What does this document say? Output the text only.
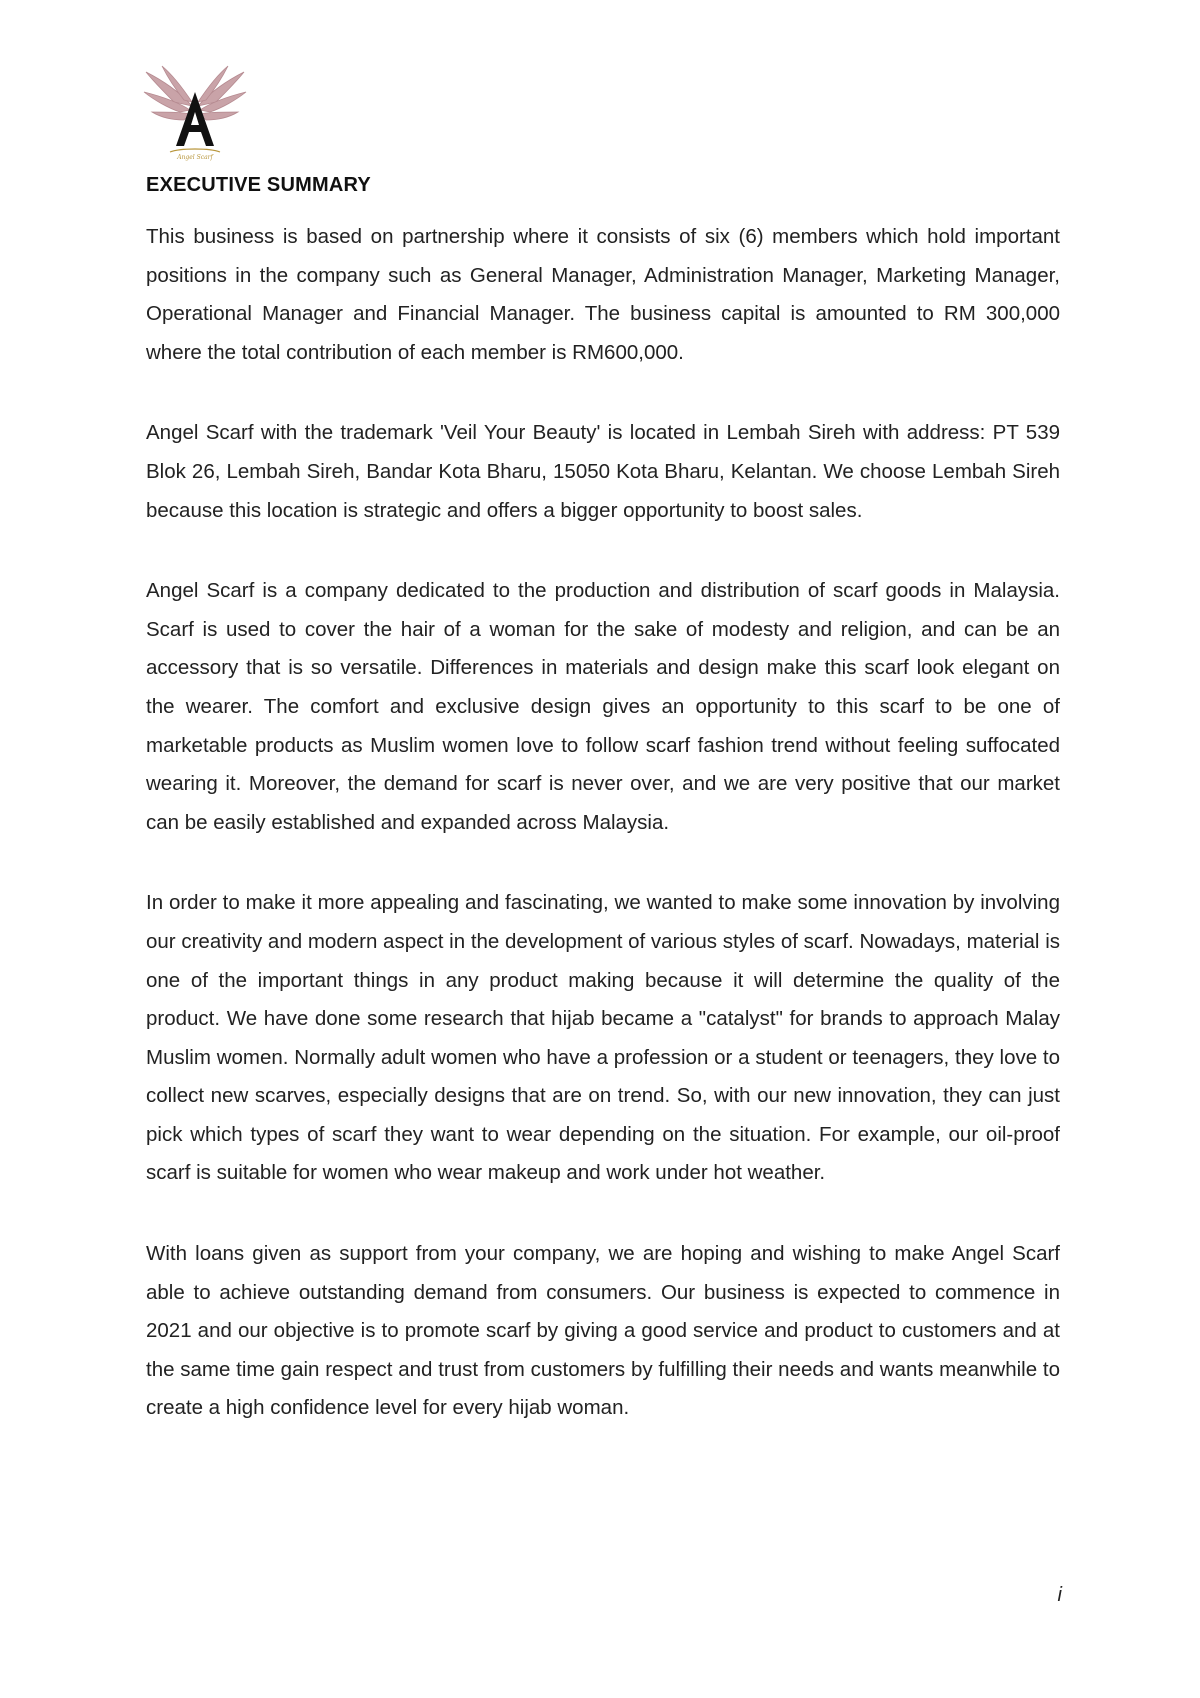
Angel Scarf
EXECUTIVE SUMMARY

This business is based on partnership where it consists of six (6) members which hold important positions in the company such as General Manager, Administration Manager, Marketing Manager, Operational Manager and Financial Manager. The business capital is amounted to RM 300,000 where the total contribution of each member is RM600,000.

Angel Scarf with the trademark 'Veil Your Beauty' is located in Lembah Sireh with address: PT 539 Blok 26, Lembah Sireh, Bandar Kota Bharu, 15050 Kota Bharu, Kelantan. We choose Lembah Sireh because this location is strategic and offers a bigger opportunity to boost sales.

Angel Scarf is a company dedicated to the production and distribution of scarf goods in Malaysia. Scarf is used to cover the hair of a woman for the sake of modesty and religion, and can be an accessory that is so versatile. Differences in materials and design make this scarf look elegant on the wearer. The comfort and exclusive design gives an opportunity to this scarf to be one of marketable products as Muslim women love to follow scarf fashion trend without feeling suffocated wearing it. Moreover, the demand for scarf is never over, and we are very positive that our market can be easily established and expanded across Malaysia.

In order to make it more appealing and fascinating, we wanted to make some innovation by involving our creativity and modern aspect in the development of various styles of scarf. Nowadays, material is one of the important things in any product making because it will determine the quality of the product. We have done some research that hijab became a "catalyst" for brands to approach Malay Muslim women. Normally adult women who have a profession or a student or teenagers, they love to collect new scarves, especially designs that are on trend. So, with our new innovation, they can just pick which types of scarf they want to wear depending on the situation. For example, our oil-proof scarf is suitable for women who wear makeup and work under hot weather.

With loans given as support from your company, we are hoping and wishing to make Angel Scarf able to achieve outstanding demand from consumers. Our business is expected to commence in 2021 and our objective is to promote scarf by giving a good service and product to customers and at the same time gain respect and trust from customers by fulfilling their needs and wants meanwhile to create a high confidence level for every hijab woman.

i
